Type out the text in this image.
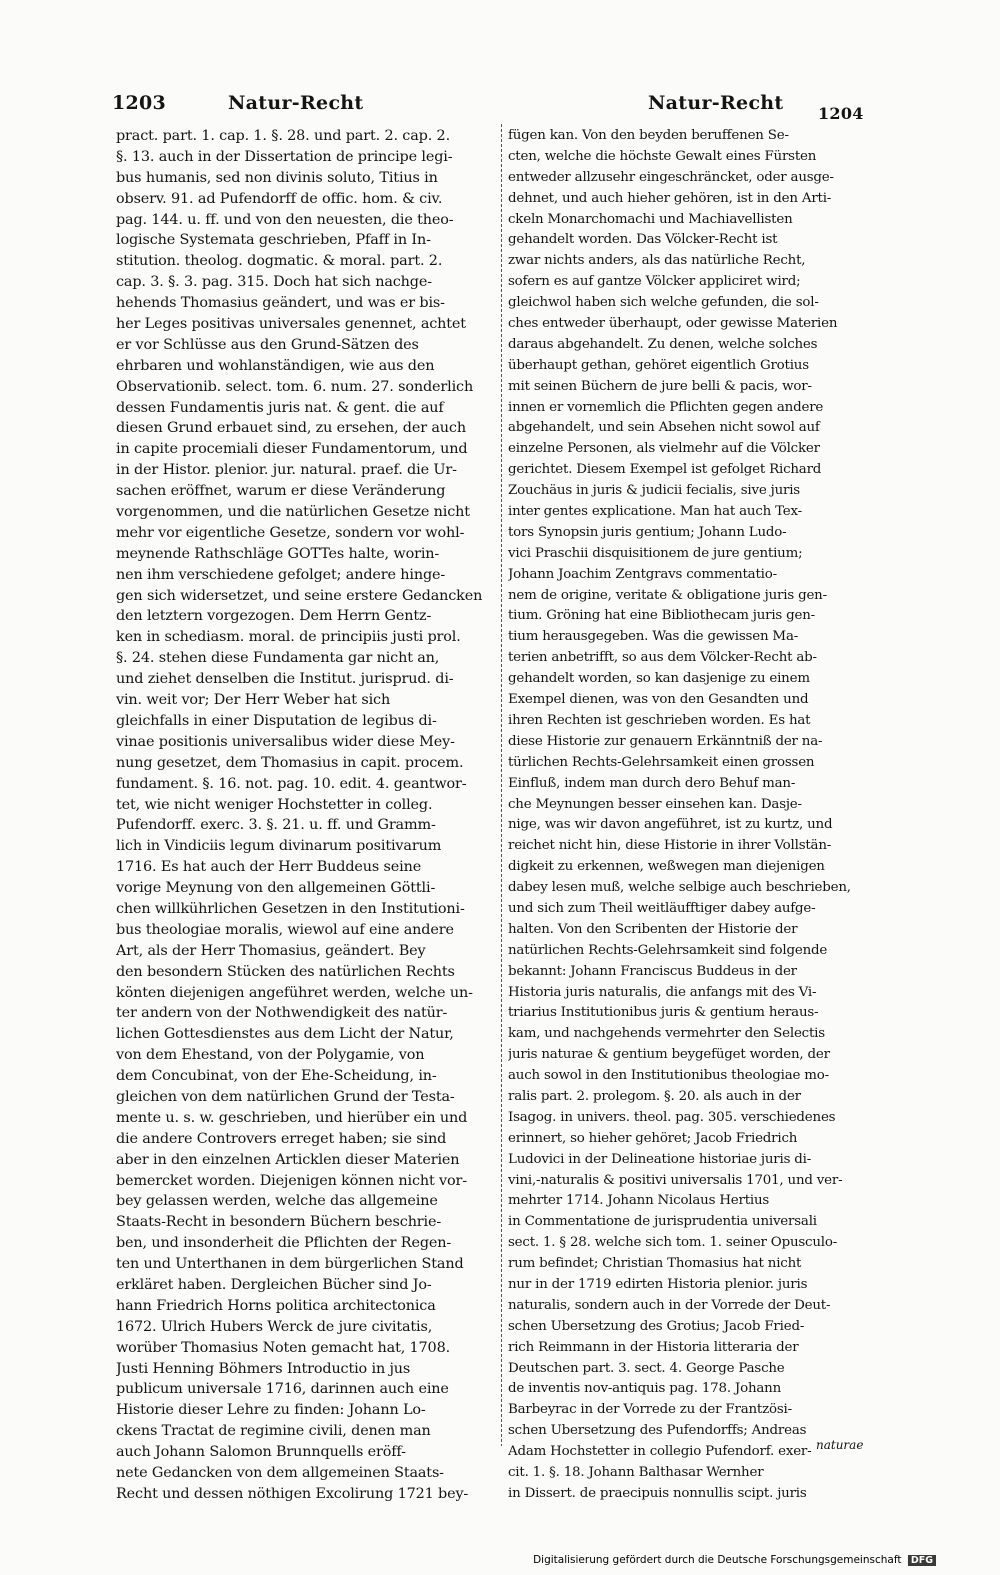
1203	Natur-Recht	Natur-Recht 1204
pract. part. 1. cap. 1. §. 28. und part. 2. cap. 2.
§. 13. auch in der Dissertation de principe legi-
bus humanis, sed non divinis soluto, Titius in
observ. 91. ad Pufendorff de offic. hom. & civ.
pag. 144. u. ff. und von den neuesten, die theo-
logische Systemata geschrieben, Pfaff in In-
stitution. theolog. dogmatic. & moral. part. 2.
cap. 3. §. 3. pag. 315. Doch hat sich nachge-
hehends Thomasius geändert, und was er bis-
her Leges positivas universales genennet, achtet
er vor Schlüsse aus den Grund-Sätzen des
ehrbaren und wohlanständigen, wie aus den
Observationib. select. tom. 6. num. 27. sonderlich
dessen Fundamentis juris nat. & gent. die auf
diesen Grund erbauet sind, zu ersehen, der auch
in capite procemiali dieser Fundamentorum, und
in der Histor. plenior. jur. natural. praef. die Ur-
sachen eröffnet, warum er diese Veränderung
vorgenommen, und die natürlichen Gesetze nicht
mehr vor eigentliche Gesetze, sondern vor wohl-
meynende Rathschläge GOTTes halte, worin-
nen ihm verschiedene gefolget; andere hinge-
gen sich widersetzet, und seine erstere Gedancken
den letztern vorgezogen. Dem Herrn Gentz-
ken in schediasm. moral. de principiis justi prol.
§. 24. stehen diese Fundamenta gar nicht an,
und ziehet denselben die Institut. jurisprud. di-
vin. weit vor; Der Herr Weber hat sich
gleichfalls in einer Disputation de legibus di-
vinae positionis universalibus wider diese Mey-
nung gesetzet, dem Thomasius in capit. procem.
fundament. §. 16. not. pag. 10. edit. 4. geantwor-
tet, wie nicht weniger Hochstetter in colleg.
Pufendorff. exerc. 3. §. 21. u. ff. und Gramm-
lich in Vindiciis legum divinarum positivarum
1716. Es hat auch der Herr Buddeus seine
vorige Meynung von den allgemeinen Göttli-
chen willkührlichen Gesetzen in den Institutioni-
bus theologiae moralis, wiewol auf eine andere
Art, als der Herr Thomasius, geändert. Bey
den besondern Stücken des natürlichen Rechts
könten diejenigen angeführet werden, welche un-
ter andern von der Nothwendigkeit des natür-
lichen Gottesdienstes aus dem Licht der Natur,
von dem Ehestand, von der Polygamie, von
dem Concubinat, von der Ehe-Scheidung, in-
gleichen von dem natürlichen Grund der Testa-
mente u. s. w. geschrieben, und hierüber ein und
die andere Controvers erreget haben; sie sind
aber in den einzelnen Articklen dieser Materien
bemercket worden. Diejenigen können nicht vor-
bey gelassen werden, welche das allgemeine
Staats-Recht in besondern Büchern beschrie-
ben, und insonderheit die Pflichten der Regen-
ten und Unterthanen in dem bürgerlichen Stand
erkläret haben. Dergleichen Bücher sind Jo-
hann Friedrich Horns politica architectonica
1672. Ulrich Hubers Werck de jure civitatis,
worüber Thomasius Noten gemacht hat, 1708.
Justi Henning Böhmers Introductio in jus
publicum universale 1716, darinnen auch eine
Historie dieser Lehre zu finden: Johann Lo-
ckens Tractat de regimine civili, denen man
auch Johann Salomon Brunnquells eröff-
nete Gedancken von dem allgemeinen Staats-
Recht und dessen nöthigen Excolirung 1721 bey-
fügen kan. Von den beyden beruffenen Se-
cten, welche die höchste Gewalt eines Fürsten
entweder allzusehr eingeschräncket, oder ausge-
dehnet, und auch hieher gehören, ist in den Arti-
ckeln Monarchomachi und Machiavellisten
gehandelt worden. Das Völcker-Recht ist
zwar nichts anders, als das natürliche Recht,
sofern es auf gantze Völcker appliciret wird;
gleichwol haben sich welche gefunden, die sol-
ches entweder überhaupt, oder gewisse Materien
daraus abgehandelt. Zu denen, welche solches
überhaupt gethan, gehöret eigentlich Grotius
mit seinen Büchern de jure belli & pacis, wor-
innen er vornemlich die Pflichten gegen andere
abgehandelt, und sein Absehen nicht sowol auf
einzelne Personen, als vielmehr auf die Völcker
gerichtet. Diesem Exempel ist gefolget Richard
Zouchäus in juris & judicii fecialis, sive juris
inter gentes explicatione. Man hat auch Tex-
tors Synopsin juris gentium; Johann Ludo-
vici Praschii disquisitionem de jure gentium;
Johann Joachim Zentgravs commentatio-
nem de origine, veritate & obligatione juris gen-
tium. Gröning hat eine Bibliothecam juris gen-
tium herausgegeben. Was die gewissen Ma-
terien anbetrifft, so aus dem Völcker-Recht ab-
gehandelt worden, so kan dasjenige zu einem
Exempel dienen, was von den Gesandten und
ihren Rechten ist geschrieben worden. Es hat
diese Historie zur genauern Erkänntniß der na-
türlichen Rechts-Gelehrsamkeit einen grossen
Einfluß, indem man durch dero Behuf man-
che Meynungen besser einsehen kan. Dasje-
nige, was wir davon angeführet, ist zu kurtz, und
reichet nicht hin, diese Historie in ihrer Vollstän-
digkeit zu erkennen, weßwegen man diejenigen
dabey lesen muß, welche selbige auch beschrieben,
und sich zum Theil weitläufftiger dabey aufge-
halten. Von den Scribenten der Historie der
natürlichen Rechts-Gelehrsamkeit sind folgende
bekannt: Johann Franciscus Buddeus in der
Historia juris naturalis, die anfangs mit des Vi-
triarius Institutionibus juris & gentium heraus-
kam, und nachgehends vermehrter den Selectis
juris naturae & gentium beygefüget worden, der
auch sowol in den Institutionibus theologiae mo-
ralis part. 2. prolegom. §. 20. als auch in der
Isagog. in univers. theol. pag. 305. verschiedenes
erinnert, so hieher gehöret; Jacob Friedrich
Ludovici in der Delineatione historiae juris di-
vini,-naturalis & positivi universalis 1701, und ver-
mehrter 1714. Johann Nicolaus Hertius
in Commentatione de jurisprudentia universali
sect. 1. § 28. welche sich tom. 1. seiner Opusculo-
rum befindet; Christian Thomasius hat nicht
nur in der 1719 edirten Historia plenior. juris
naturalis, sondern auch in der Vorrede der Deut-
schen Ubersetzung des Grotius; Jacob Fried-
rich Reimmann in der Historia litteraria der
Deutschen part. 3. sect. 4. George Pasche
de inventis nov-antiquis pag. 178. Johann
Barbeyrac in der Vorrede zu der Frantzösi-
schen Ubersetzung des Pufendorffs; Andreas
Adam Hochstetter in collegio Pufendorf. exer-
cit. 1. §. 18. Johann Balthasar Wernher
in Dissert. de praecipuis nonnullis scipt. juris
naturae
Digitalisierung gefördert durch die Deutsche Forschungsgemeinschaft DFG
